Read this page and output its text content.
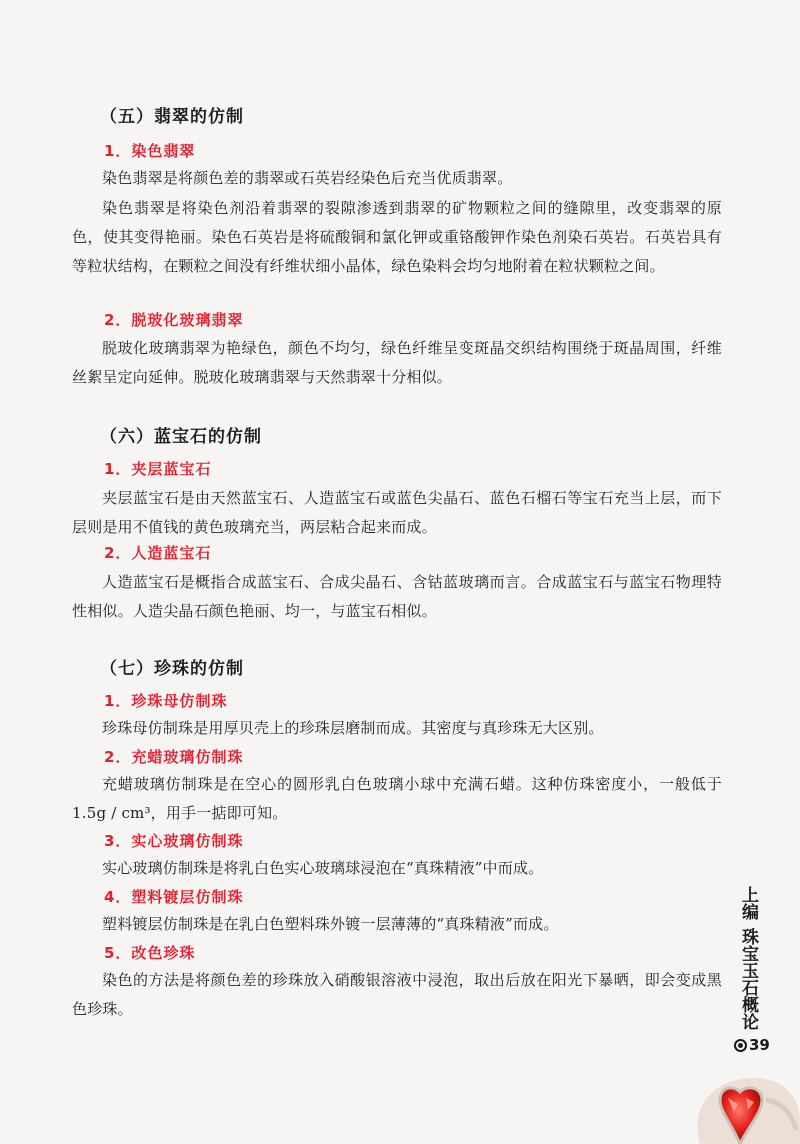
（五）翡翠的仿制
1．染色翡翠
染色翡翠是将颜色差的翡翠或石英岩经染色后充当优质翡翠。
染色翡翠是将染色剂沿着翡翠的裂隙渗透到翡翠的矿物颗粒之间的缝隙里，改变翡翠的原色，使其变得艳丽。染色石英岩是将硫酸铜和氯化钾或重铬酸钾作染色剂染石英岩。石英岩具有等粒状结构，在颗粒之间没有纤维状细小晶体，绿色染料会均匀地附着在粒状颗粒之间。
2．脱玻化玻璃翡翠
脱玻化玻璃翡翠为艳绿色，颜色不均匀，绿色纤维呈变斑晶交织结构围绕于斑晶周围，纤维丝絮呈定向延伸。脱玻化玻璃翡翠与天然翡翠十分相似。
（六）蓝宝石的仿制
1．夹层蓝宝石
夹层蓝宝石是由天然蓝宝石、人造蓝宝石或蓝色尖晶石、蓝色石榴石等宝石充当上层，而下层则是用不值钱的黄色玻璃充当，两层粘合起来而成。
2．人造蓝宝石
人造蓝宝石是概指合成蓝宝石、合成尖晶石、含钴蓝玻璃而言。合成蓝宝石与蓝宝石物理特性相似。人造尖晶石颜色艳丽、均一，与蓝宝石相似。
（七）珍珠的仿制
1．珍珠母仿制珠
珍珠母仿制珠是用厚贝壳上的珍珠层磨制而成。其密度与真珍珠无大区别。
2．充蜡玻璃仿制珠
充蜡玻璃仿制珠是在空心的圆形乳白色玻璃小球中充满石蜡。这种仿珠密度小，一般低于1.5g / cm³，用手一掂即可知。
3．实心玻璃仿制珠
实心玻璃仿制珠是将乳白色实心玻璃球浸泡在“真珠精液”中而成。
4．塑料镀层仿制珠
塑料镀层仿制珠是在乳白色塑料珠外镀一层薄薄的“真珠精液”而成。
5．改色珍珠
染色的方法是将颜色差的珍珠放入硝酸银溶液中浸泡，取出后放在阳光下暴晒，即会变成黑色珍珠。
上编
珠宝玉石概论
39
